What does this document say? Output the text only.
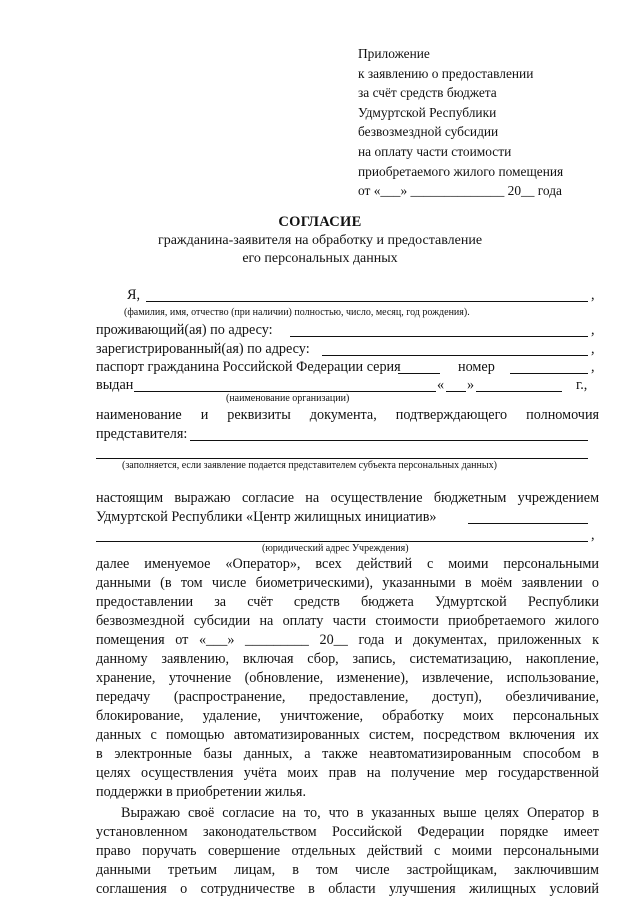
Приложение
к заявлению о предоставлении
за счёт средств бюджета
Удмуртской Республики
безвозмездной субсидии
на оплату части стоимости
приобретаемого жилого помещения
от «___» ______________ 20__ года
СОГЛАСИЕ
гражданина-заявителя на обработку и предоставление
его персональных данных
Я,	,
(фамилия, имя, отчество (при наличии) полностью, число, месяц, год рождения).
проживающий(ая) по адресу:	,
зарегистрированный(ая) по адресу:	,
паспорт гражданина Российской Федерации серия	номер	,
выдан	« »	г.,
(наименование организации)
наименование и реквизиты документа, подтверждающего полномочия
представителя:
(заполняется, если заявление подается представителем субъекта персональных данных)
настоящим выражаю согласие на осуществление бюджетным учреждением
Удмуртской Республики «Центр жилищных инициатив»
,
(юридический адрес Учреждения)
далее именуемое «Оператор», всех действий с моими персональными
данными (в том числе биометрическими), указанными в моём заявлении о
предоставлении за счёт средств бюджета Удмуртской Республики
безвозмездной субсидии на оплату части стоимости приобретаемого жилого
помещения от «___» _________ 20__ года и документах, приложенных к
данному заявлению, включая сбор, запись, систематизацию, накопление,
хранение, уточнение (обновление, изменение), извлечение, использование,
передачу (распространение, предоставление, доступ), обезличивание,
блокирование, удаление, уничтожение, обработку моих персональных
данных с помощью автоматизированных систем, посредством включения их
в электронные базы данных, а также неавтоматизированным способом в
целях осуществления учёта моих прав на получение мер государственной
поддержки в приобретении жилья.
Выражаю своё согласие на то, что в указанных выше целях Оператор в
установленном законодательством Российской Федерации порядке имеет
право поручать совершение отдельных действий с моими персональными
данными третьим лицам, в том числе застройщикам, заключившим
соглашения о сотрудничестве в области улучшения жилищных условий
